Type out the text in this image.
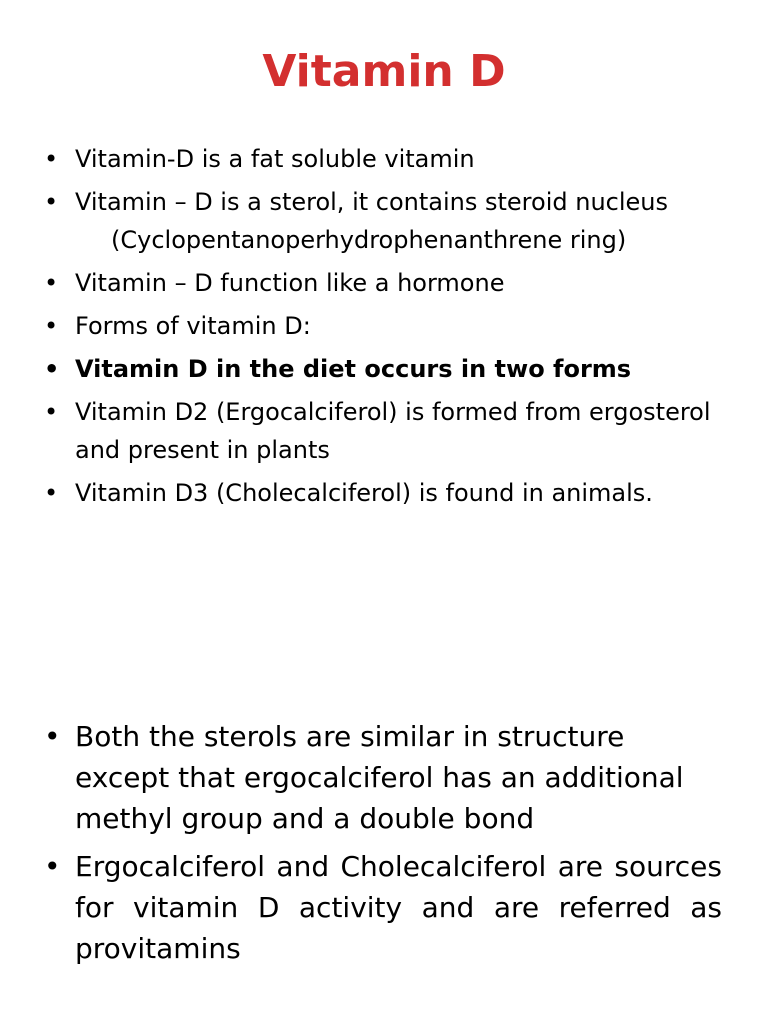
Vitamin D
• Vitamin-D is a fat soluble vitamin
• Vitamin – D is a sterol, it contains steroid nucleus
(Cyclopentanoperhydrophenanthrene ring)
• Vitamin – D function like a hormone
• Forms of vitamin D:
• Vitamin D in the diet occurs in two forms
• Vitamin D2 (Ergocalciferol) is formed from ergosterol and present in plants
• Vitamin D3 (Cholecalciferol) is found in animals.
• Both the sterols are similar in structure except that ergocalciferol has an additional methyl group and a double bond
• Ergocalciferol and Cholecalciferol are sources for vitamin D activity and are referred as provitamins
